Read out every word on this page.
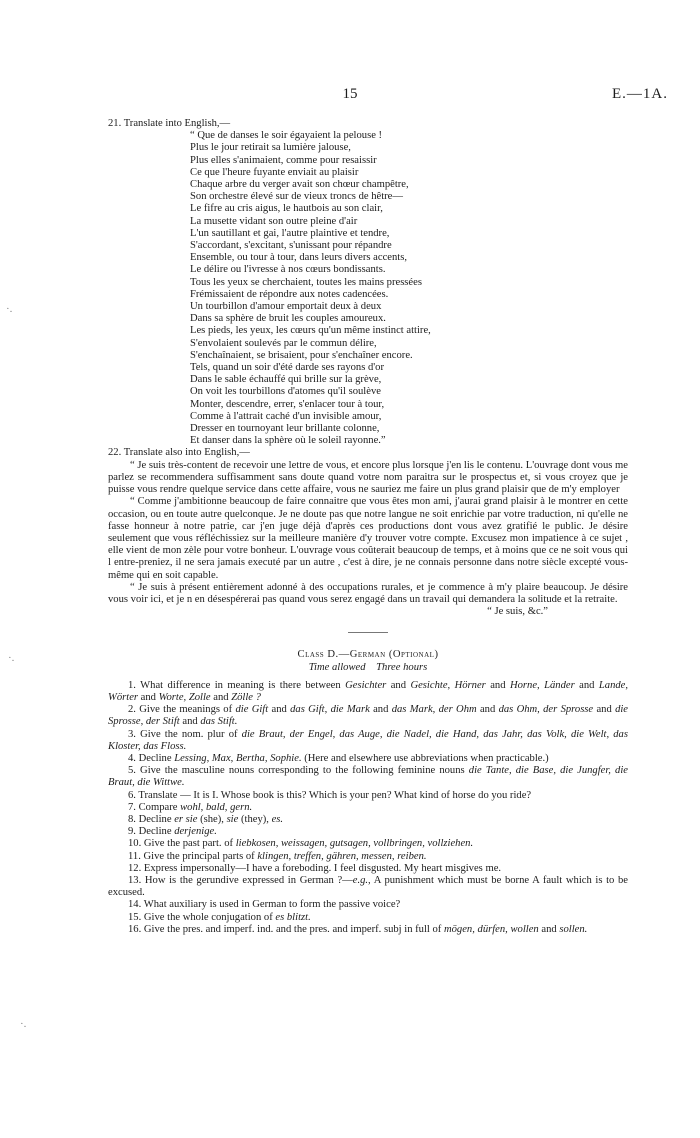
15	E.—1A.
·.
·.
·.

21. Translate into English,—

“ Que de danses le soir égayaient la pelouse !
Plus le jour retirait sa lumière jalouse,
Plus elles s'animaient, comme pour resaissir
Ce que l'heure fuyante enviait au plaisir
Chaque arbre du verger avait son chœur champêtre,
Son orchestre élevé sur de vieux troncs de hêtre—
Le fifre au cris aigus, le hautbois au son clair,
La musette vidant son outre pleine d'air
L'un sautillant et gai, l'autre plaintive et tendre,
S'accordant, s'excitant, s'unissant pour répandre
Ensemble, ou tour à tour, dans leurs divers accents,
Le délire ou l'ivresse à nos cœurs bondissants.
Tous les yeux se cherchaient, toutes les mains pressées
Frémissaient de répondre aux notes cadencées.
Un tourbillon d'amour emportait deux à deux
Dans sa sphère de bruit les couples amoureux.
Les pieds, les yeux, les cœurs qu'un même instinct attire,
S'envolaient soulevés par le commun délire,
S'enchaînaient, se brisaient, pour s'enchaîner encore.
Tels, quand un soir d'été darde ses rayons d'or
Dans le sable échauffé qui brille sur la grève,
On voit les tourbillons d'atomes qu'il soulève
Monter, descendre, errer, s'enlacer tour à tour,
Comme à l'attrait caché d'un invisible amour,
Dresser en tournoyant leur brillante colonne,
Et danser dans la sphère où le soleil rayonne.”

22. Translate also into English,—

“ Je suis très-content de recevoir une lettre de vous, et encore plus lorsque j'en lis le contenu. L'ouvrage dont vous me parlez se recommendera suffisamment sans doute quand votre nom paraitra sur le prospectus et, si vous croyez que je puisse vous rendre quelque service dans cette affaire, vous ne sauriez me faire un plus grand plaisir que de m'y employer

“ Comme j'ambitionne beaucoup de faire connaitre que vous êtes mon ami, j'aurai grand plaisir à le montrer en cette occasion, ou en toute autre quelconque. Je ne doute pas que notre langue ne soit enrichie par votre traduction, ni qu'elle ne fasse honneur à notre patrie, car j'en juge déjà d'après ces productions dont vous avez gratifié le public. Je désire seulement que vous réfléchissiez sur la meilleure manière d'y trouver votre compte. Excusez mon impatience à ce sujet , elle vient de mon zèle pour votre bonheur. L'ouvrage vous coûterait beaucoup de temps, et à moins que ce ne soit vous qui l entre-preniez, il ne sera jamais executé par un autre , c'est à dire, je ne connais personne dans notre siècle excepté vous-même qui en soit capable.

“ Je suis à présent entièrement adonné à des occupations rurales, et je commence à m'y plaire beaucoup. Je désire vous voir ici, et je n en désespérerai pas quand vous serez engagé dans un travail qui demandera la solitude et la retraite.

“ Je suis, &c.”

Class D.—German (Optional)

Time allowed    Three hours

1. What difference in meaning is there between Gesichter and Gesichte, Hörner and Horne, Länder and Lande, Wörter and Worte, Zolle and Zölle ?

2. Give the meanings of die Gift and das Gift, die Mark and das Mark, der Ohm and das Ohm, der Sprosse and die Sprosse, der Stift and das Stift.

3. Give the nom. plur of die Braut, der Engel, das Auge, die Nadel, die Hand, das Jahr, das Volk, die Welt, das Kloster, das Floss.

4. Decline Lessing, Max, Bertha, Sophie. (Here and elsewhere use abbreviations when practicable.)

5. Give the masculine nouns corresponding to the following feminine nouns die Tante, die Base, die Jungfer, die Braut, die Wittwe.

6. Translate — It is I. Whose book is this? Which is your pen? What kind of horse do you ride?

7. Compare wohl, bald, gern.

8. Decline er sie (she), sie (they), es.

9. Decline derjenige.

10. Give the past part. of liebkosen, weissagen, gutsagen, vollbringen, vollziehen.

11. Give the principal parts of klingen, treffen, gähren, messen, reiben.

12. Express impersonally—I have a foreboding. I feel disgusted. My heart misgives me.

13. How is the gerundive expressed in German ?—e.g., A punishment which must be borne A fault which is to be excused.

14. What auxiliary is used in German to form the passive voice?

15. Give the whole conjugation of es blitzt.

16. Give the pres. and imperf. ind. and the pres. and imperf. subj in full of mögen, dürfen, wollen and sollen.
